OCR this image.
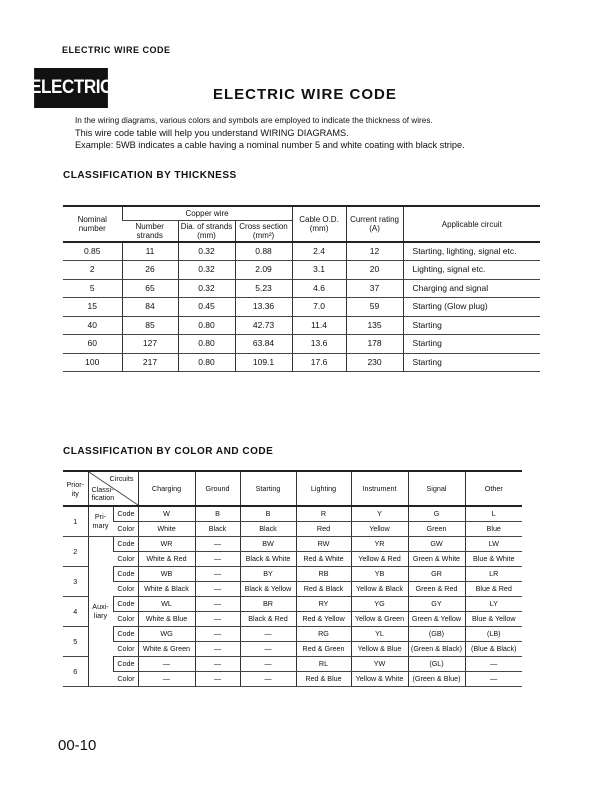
ELECTRIC WIRE CODE
ELECTRIC	ELECTRIC WIRE CODE
In the wiring diagrams, various colors and symbols are employed to indicate the thickness of wires.
This wire code table will help you understand WIRING DIAGRAMS.
Example: 5WB indicates a cable having a nominal number 5 and white coating with black stripe.
CLASSIFICATION BY THICKNESS
Nominal number	Copper wire			Cable O.D. (mm)	Current rating (A)	Applicable circuit
	Number strands	Dia. of strands (mm)	Cross section (mm²)			
0.85	11	0.32	0.88	2.4	12	Starting, lighting, signal etc.
2	26	0.32	2.09	3.1	20	Lighting, signal etc.
5	65	0.32	5.23	4.6	37	Charging and signal
15	84	0.45	13.36	7.0	59	Starting (Glow plug)
40	85	0.80	42.73	11.4	135	Starting
60	127	0.80	63.84	13.6	178	Starting
100	217	0.80	109.1	17.6	230	Starting
CLASSIFICATION BY COLOR AND CODE
Prior-ity	Circuits
Classi-fication		Charging	Ground	Starting	Lighting	Instrument	Signal	Other
1	Pri-mary	Code	W	B	B	R	Y	G	L
		Color	White	Black	Black	Red	Yellow	Green	Blue
2	Auxi-liary	Code	WR	—	BW	RW	YR	GW	LW
		Color	White & Red	—	Black & White	Red & White	Yellow & Red	Green & White	Blue & White
3		Code	WB	—	BY	RB	YB	GR	LR
		Color	White & Black	—	Black & Yellow	Red & Black	Yellow & Black	Green & Red	Blue & Red
4		Code	WL	—	BR	RY	YG	GY	LY
		Color	White & Blue	—	Black & Red	Red & Yellow	Yellow & Green	Green & Yellow	Blue & Yellow
5		Code	WG	—	—	RG	YL	(GB)	(LB)
		Color	White & Green	—	—	Red & Green	Yellow & Blue	(Green & Black)	(Blue & Black)
6		Code	—	—	—	RL	YW	(GL)	—
		Color	—	—	—	Red & Blue	Yellow & White	(Green & Blue)	—
00-10
